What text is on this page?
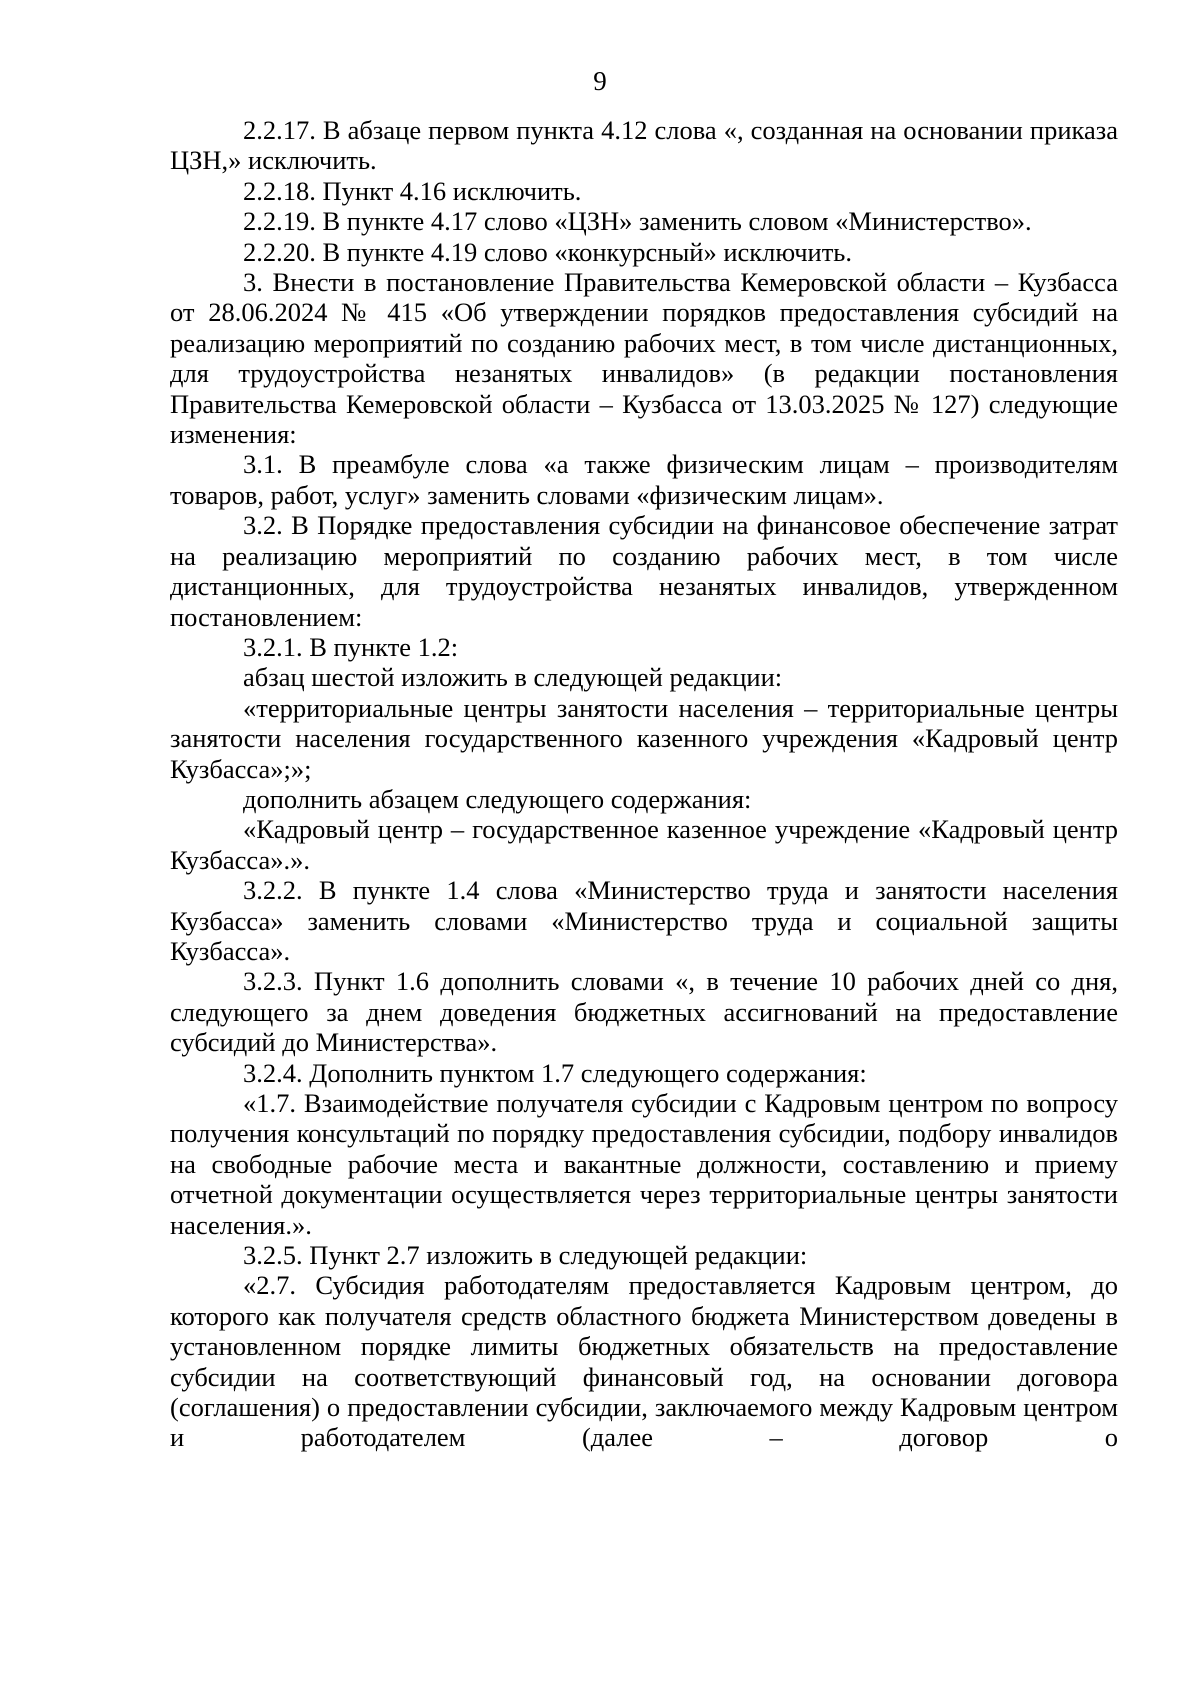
9

2.2.17. В абзаце первом пункта 4.12 слова «, созданная на основании приказа ЦЗН,» исключить.

2.2.18. Пункт 4.16 исключить.

2.2.19. В пункте 4.17 слово «ЦЗН» заменить словом «Министерство».

2.2.20. В пункте 4.19 слово «конкурсный» исключить.

3. Внести в постановление Правительства Кемеровской области – Кузбасса от 28.06.2024 № 415 «Об утверждении порядков предоставления субсидий на реализацию мероприятий по созданию рабочих мест, в том числе дистанционных, для трудоустройства незанятых инвалидов» (в редакции постановления Правительства Кемеровской области – Кузбасса от 13.03.2025 № 127) следующие изменения:

3.1. В преамбуле слова «а также физическим лицам – производителям товаров, работ, услуг» заменить словами «физическим лицам».

3.2. В Порядке предоставления субсидии на финансовое обеспечение затрат на реализацию мероприятий по созданию рабочих мест, в том числе дистанционных, для трудоустройства незанятых инвалидов, утвержденном постановлением:

3.2.1. В пункте 1.2:

абзац шестой изложить в следующей редакции:

«территориальные центры занятости населения – территориальные центры занятости населения государственного казенного учреждения «Кадровый центр Кузбасса»;»;

дополнить абзацем следующего содержания:

«Кадровый центр – государственное казенное учреждение «Кадровый центр Кузбасса».».

3.2.2. В пункте 1.4 слова «Министерство труда и занятости населения Кузбасса» заменить словами «Министерство труда и социальной защиты Кузбасса».

3.2.3. Пункт 1.6 дополнить словами «, в течение 10 рабочих дней со дня, следующего за днем доведения бюджетных ассигнований на предоставление субсидий до Министерства».

3.2.4. Дополнить пунктом 1.7 следующего содержания:

«1.7. Взаимодействие получателя субсидии с Кадровым центром по вопросу получения консультаций по порядку предоставления субсидии, подбору инвалидов на свободные рабочие места и вакантные должности, составлению и приему отчетной документации осуществляется через территориальные центры занятости населения.».

3.2.5. Пункт 2.7 изложить в следующей редакции:

«2.7. Субсидия работодателям предоставляется Кадровым центром, до которого как получателя средств областного бюджета Министерством доведены в установленном порядке лимиты бюджетных обязательств на предоставление субсидии на соответствующий финансовый год, на основании договора (соглашения) о предоставлении субсидии, заключаемого между Кадровым центром и работодателем (далее – договор о
